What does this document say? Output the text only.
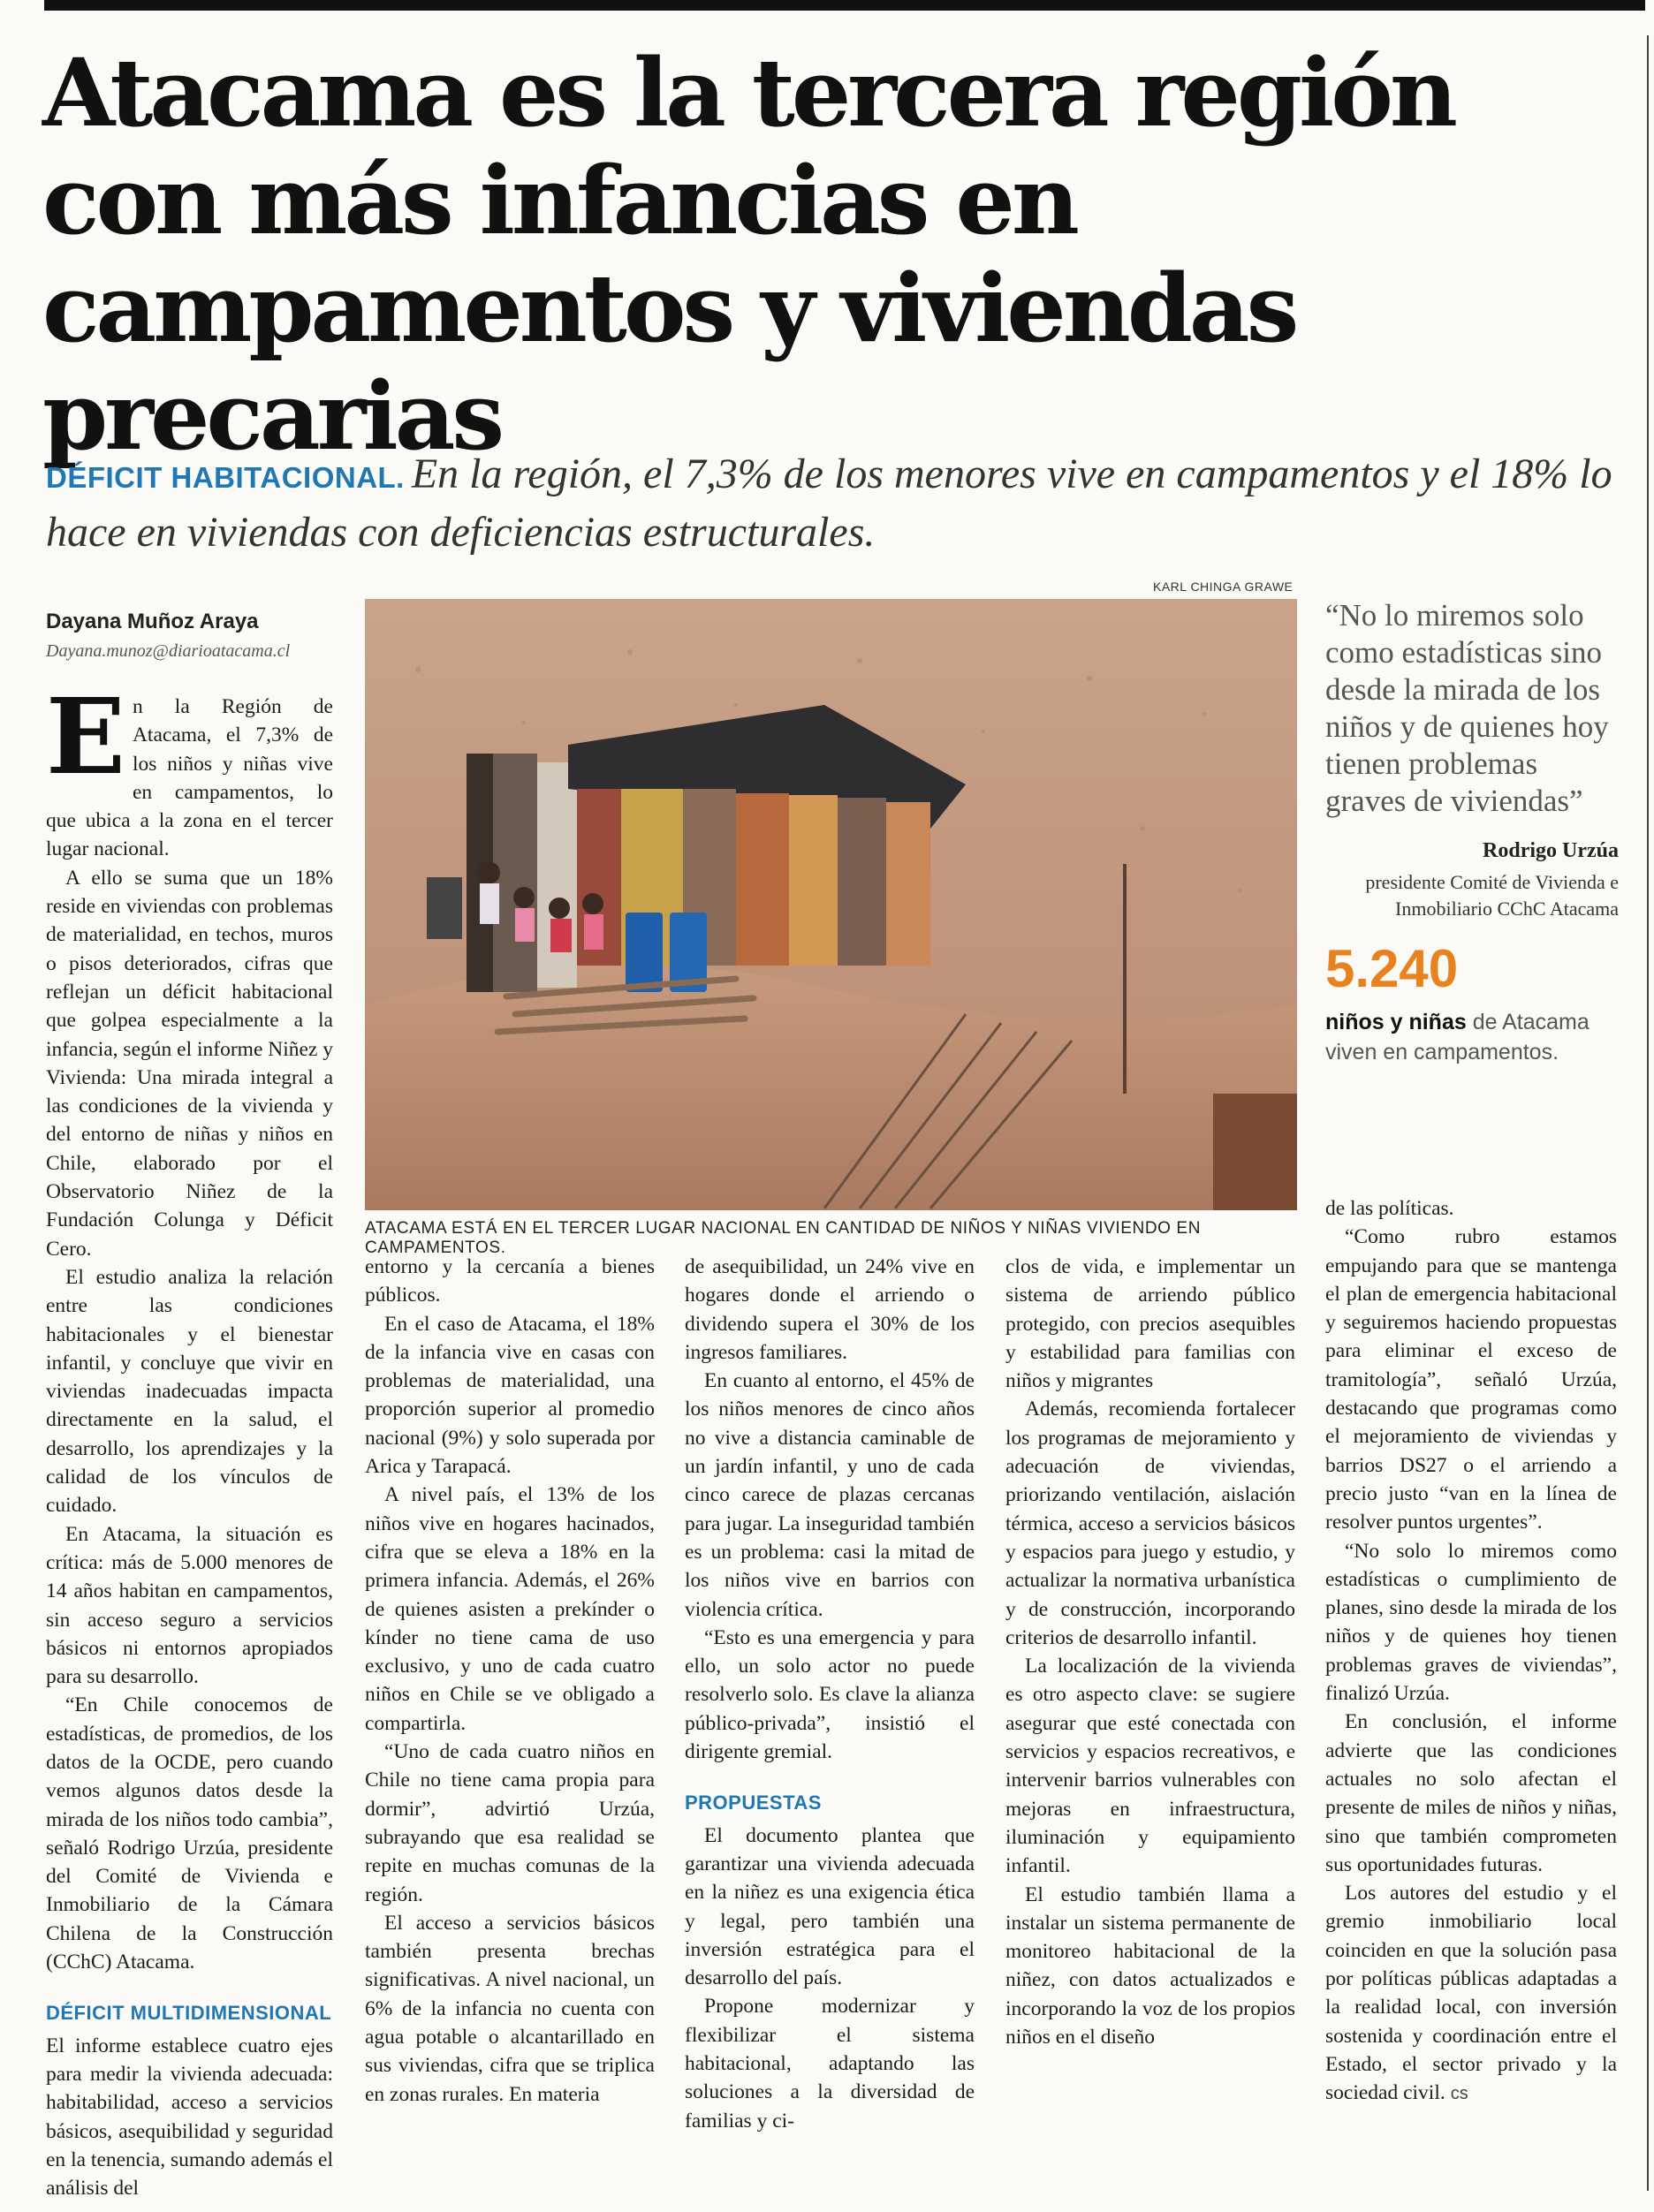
Atacama es la tercera región con más infancias en campamentos y viviendas precarias

DÉFICIT HABITACIONAL. En la región, el 7,3% de los menores vive en campamentos y el 18% lo hace en viviendas con deficiencias estructurales.

Dayana Muñoz Araya
Dayana.munoz@diarioatacama.cl
KARL CHINGA GRAWE
ATACAMA ESTÁ EN EL TERCER LUGAR NACIONAL EN CANTIDAD DE NIÑOS Y NIÑAS VIVIENDO EN CAMPAMENTOS.

“No lo miremos solo como estadísticas sino desde la mirada de los niños y de quienes hoy tienen problemas graves de viviendas”

Rodrigo Urzúa
presidente Comité de Vivienda e Inmobiliario CChC Atacama
5.240
niños y niñas de Atacama viven en campamentos.

En la Región de Atacama, el 7,3% de los niños y niñas vive en campamentos, lo que ubica a la zona en el tercer lugar nacional.

A ello se suma que un 18% reside en viviendas con problemas de materialidad, en techos, muros o pisos deteriorados, cifras que reflejan un déficit habitacional que golpea especialmente a la infancia, según el informe Niñez y Vivienda: Una mirada integral a las condiciones de la vivienda y del entorno de niñas y niños en Chile, elaborado por el Observatorio Niñez de la Fundación Colunga y Déficit Cero.

El estudio analiza la relación entre las condiciones habitacionales y el bienestar infantil, y concluye que vivir en viviendas inadecuadas impacta directamente en la salud, el desarrollo, los aprendizajes y la calidad de los vínculos de cuidado.

En Atacama, la situación es crítica: más de 5.000 menores de 14 años habitan en campamentos, sin acceso seguro a servicios básicos ni entornos apropiados para su desarrollo.

“En Chile conocemos de estadísticas, de promedios, de los datos de la OCDE, pero cuando vemos algunos datos desde la mirada de los niños todo cambia”, señaló Rodrigo Urzúa, presidente del Comité de Vivienda e Inmobiliario de la Cámara Chilena de la Construcción (CChC) Atacama.

DÉFICIT MULTIDIMENSIONAL

El informe establece cuatro ejes para medir la vivienda adecuada: habitabilidad, acceso a servicios básicos, asequibilidad y seguridad en la tenencia, sumando además el análisis del

entorno y la cercanía a bienes públicos.

En el caso de Atacama, el 18% de la infancia vive en casas con problemas de materialidad, una proporción superior al promedio nacional (9%) y solo superada por Arica y Tarapacá.

A nivel país, el 13% de los niños vive en hogares hacinados, cifra que se eleva a 18% en la primera infancia. Además, el 26% de quienes asisten a prekínder o kínder no tiene cama de uso exclusivo, y uno de cada cuatro niños en Chile se ve obligado a compartirla.

“Uno de cada cuatro niños en Chile no tiene cama propia para dormir”, advirtió Urzúa, subrayando que esa realidad se repite en muchas comunas de la región.

El acceso a servicios básicos también presenta brechas significativas. A nivel nacional, un 6% de la infancia no cuenta con agua potable o alcantarillado en sus viviendas, cifra que se triplica en zonas rurales. En materia

de asequibilidad, un 24% vive en hogares donde el arriendo o dividendo supera el 30% de los ingresos familiares.

En cuanto al entorno, el 45% de los niños menores de cinco años no vive a distancia caminable de un jardín infantil, y uno de cada cinco carece de plazas cercanas para jugar. La inseguridad también es un problema: casi la mitad de los niños vive en barrios con violencia crítica.

“Esto es una emergencia y para ello, un solo actor no puede resolverlo solo. Es clave la alianza público-privada”, insistió el dirigente gremial.

PROPUESTAS

El documento plantea que garantizar una vivienda adecuada en la niñez es una exigencia ética y legal, pero también una inversión estratégica para el desarrollo del país.

Propone modernizar y flexibilizar el sistema habitacional, adaptando las soluciones a la diversidad de familias y ci-

clos de vida, e implementar un sistema de arriendo público protegido, con precios asequibles y estabilidad para familias con niños y migrantes

Además, recomienda fortalecer los programas de mejoramiento y adecuación de viviendas, priorizando ventilación, aislación térmica, acceso a servicios básicos y espacios para juego y estudio, y actualizar la normativa urbanística y de construcción, incorporando criterios de desarrollo infantil.

La localización de la vivienda es otro aspecto clave: se sugiere asegurar que esté conectada con servicios y espacios recreativos, e intervenir barrios vulnerables con mejoras en infraestructura, iluminación y equipamiento infantil.

El estudio también llama a instalar un sistema permanente de monitoreo habitacional de la niñez, con datos actualizados e incorporando la voz de los propios niños en el diseño

de las políticas.

“Como rubro estamos empujando para que se mantenga el plan de emergencia habitacional y seguiremos haciendo propuestas para eliminar el exceso de tramitología”, señaló Urzúa, destacando que programas como el mejoramiento de viviendas y barrios DS27 o el arriendo a precio justo “van en la línea de resolver puntos urgentes”.

“No solo lo miremos como estadísticas o cumplimiento de planes, sino desde la mirada de los niños y de quienes hoy tienen problemas graves de viviendas”, finalizó Urzúa.

En conclusión, el informe advierte que las condiciones actuales no solo afectan el presente de miles de niños y niñas, sino que también comprometen sus oportunidades futuras.

Los autores del estudio y el gremio inmobiliario local coinciden en que la solución pasa por políticas públicas adaptadas a la realidad local, con inversión sostenida y coordinación entre el Estado, el sector privado y la sociedad civil. cs
